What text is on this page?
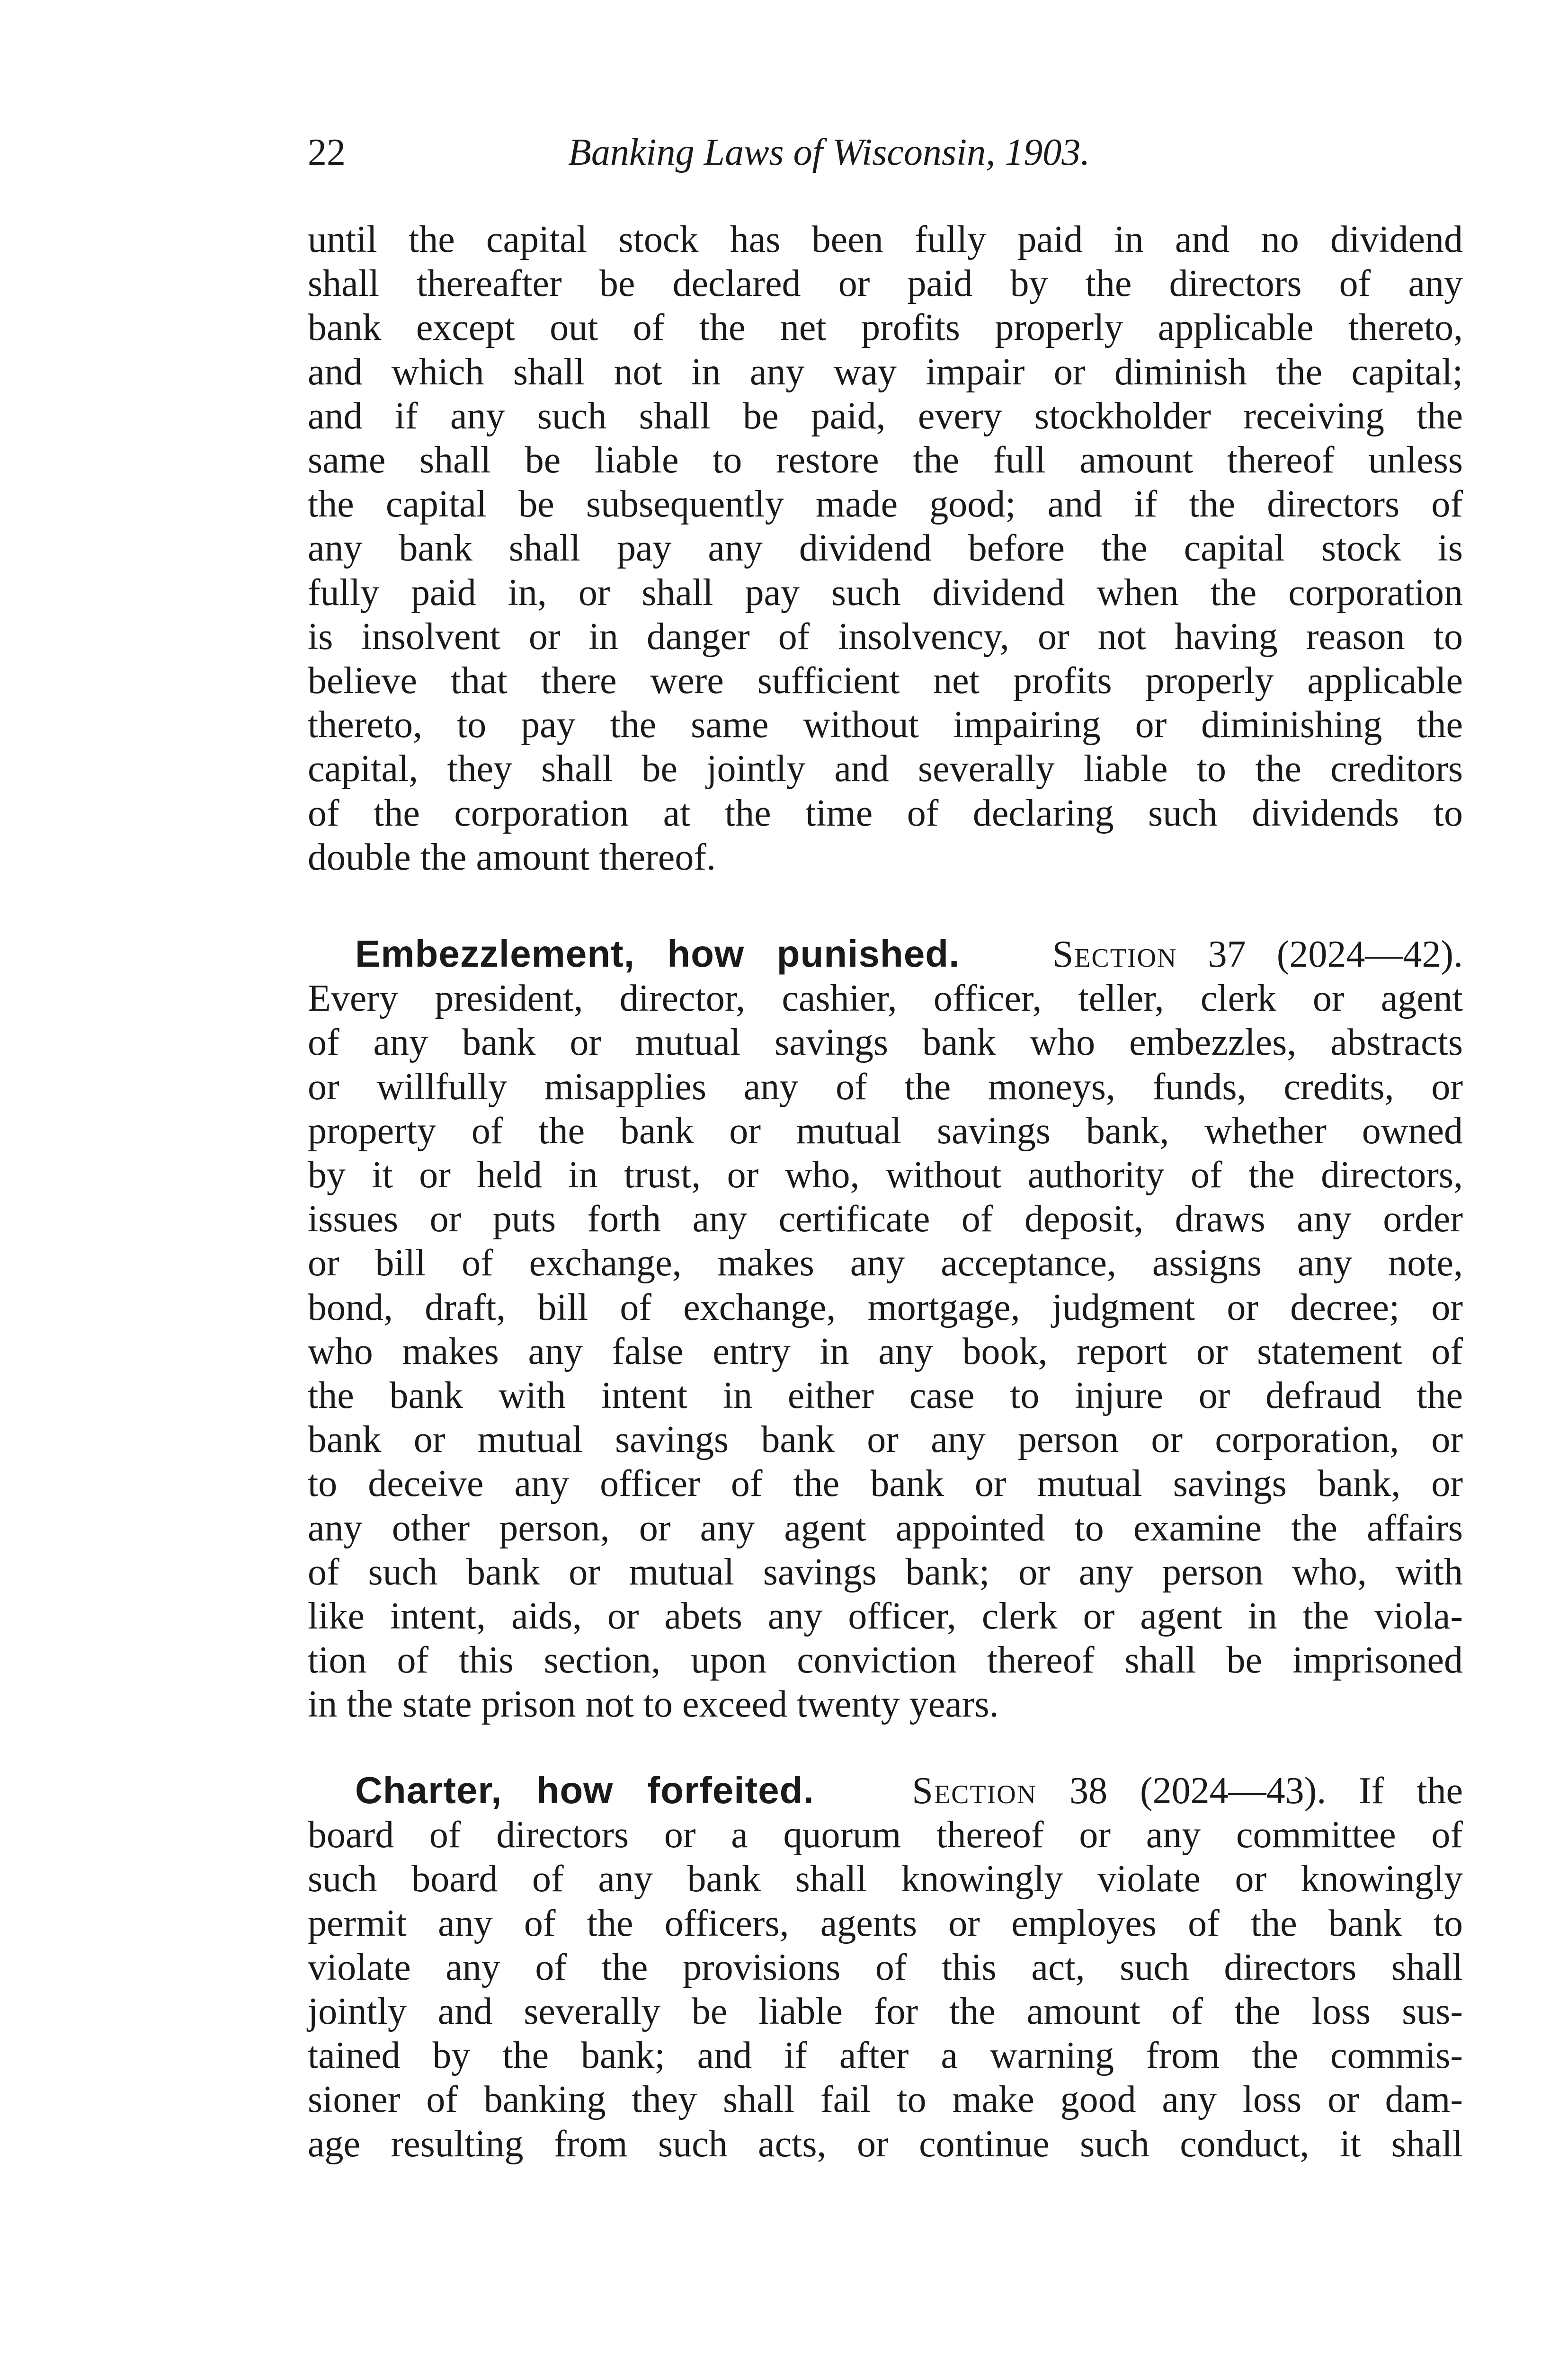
22	Banking Laws of Wisconsin, 1903.
until the capital stock has been fully paid in and no dividend
shall thereafter be declared or paid by the directors of any
bank except out of the net profits properly applicable thereto,
and which shall not in any way impair or diminish the capital;
and if any such shall be paid, every stockholder receiving the
same shall be liable to restore the full amount thereof unless
the capital be subsequently made good; and if the directors of
any bank shall pay any dividend before the capital stock is
fully paid in, or shall pay such dividend when the corporation
is insolvent or in danger of insolvency, or not having reason to
believe that there were sufficient net profits properly applicable
thereto, to pay the same without impairing or diminishing the
capital, they shall be jointly and severally liable to the creditors
of the corporation at the time of declaring such dividends to
double the amount thereof.
Embezzlement, how punished. Section 37 (2024—42).
Every president, director, cashier, officer, teller, clerk or agent
of any bank or mutual savings bank who embezzles, abstracts
or willfully misapplies any of the moneys, funds, credits, or
property of the bank or mutual savings bank, whether owned
by it or held in trust, or who, without authority of the directors,
issues or puts forth any certificate of deposit, draws any order
or bill of exchange, makes any acceptance, assigns any note,
bond, draft, bill of exchange, mortgage, judgment or decree; or
who makes any false entry in any book, report or statement of
the bank with intent in either case to injure or defraud the
bank or mutual savings bank or any person or corporation, or
to deceive any officer of the bank or mutual savings bank, or
any other person, or any agent appointed to examine the affairs
of such bank or mutual savings bank; or any person who, with
like intent, aids, or abets any officer, clerk or agent in the viola-
tion of this section, upon conviction thereof shall be imprisoned
in the state prison not to exceed twenty years.
Charter, how forfeited.	Section 38 (2024—43). If the
board of directors or a quorum thereof or any committee of
such board of any bank shall knowingly violate or knowingly
permit any of the officers, agents or employes of the bank to
violate any of the provisions of this act, such directors shall
jointly and severally be liable for the amount of the loss sus-
tained by the bank; and if after a warning from the commis-
sioner of banking they shall fail to make good any loss or dam-
age resulting from such acts, or continue such conduct, it shall
